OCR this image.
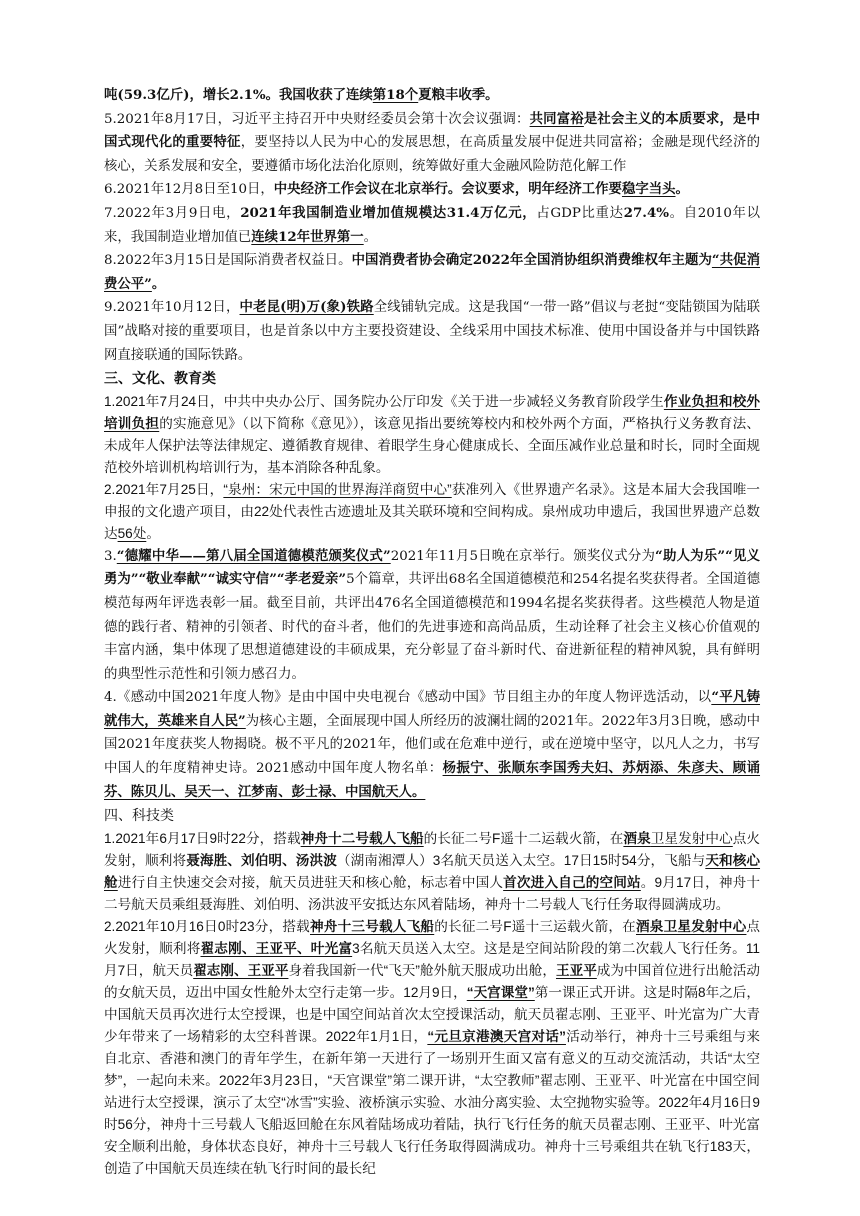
吨(59.3亿斤)，增长2.1%。我国收获了连续第18个夏粮丰收季。

5.2021年8月17日，习近平主持召开中央财经委员会第十次会议强调：共同富裕是社会主义的本质要求，是中国式现代化的重要特征，要坚持以人民为中心的发展思想，在高质量发展中促进共同富裕；金融是现代经济的核心，关系发展和安全，要遵循市场化法治化原则，统筹做好重大金融风险防范化解工作

6.2021年12月8日至10日，中央经济工作会议在北京举行。会议要求，明年经济工作要稳字当头。

7.2022年3月9日电，2021年我国制造业增加值规模达31.4万亿元，占GDP比重达27.4%。自2010年以来，我国制造业增加值已连续12年世界第一。

8.2022年3月15日是国际消费者权益日。中国消费者协会确定2022年全国消协组织消费维权年主题为“共促消费公平”。

9.2021年10月12日，中老昆(明)万(象)铁路全线铺轨完成。这是我国“一带一路”倡议与老挝“变陆锁国为陆联国”战略对接的重要项目，也是首条以中方主要投资建设、全线采用中国技术标准、使用中国设备并与中国铁路网直接联通的国际铁路。

三、文化、教育类

1.2021年7月24日，中共中央办公厅、国务院办公厅印发《关于进一步减轻义务教育阶段学生作业负担和校外培训负担的实施意见》（以下简称《意见》），该意见指出要统筹校内和校外两个方面，严格执行义务教育法、未成年人保护法等法律规定、遵循教育规律、着眼学生身心健康成长、全面压减作业总量和时长，同时全面规范校外培训机构培训行为，基本消除各种乱象。

2.2021年7月25日，“泉州：宋元中国的世界海洋商贸中心”获准列入《世界遗产名录》。这是本届大会我国唯一申报的文化遗产项目，由22处代表性古迹遗址及其关联环境和空间构成。泉州成功申遗后，我国世界遗产总数达56处。

3.“德耀中华——第八届全国道德模范颁奖仪式”2021年11月5日晚在京举行。颁奖仪式分为“助人为乐”“见义勇为”“敬业奉献”“诚实守信”“孝老爱亲”5个篇章，共评出68名全国道德模范和254名提名奖获得者。全国道德模范每两年评选表彰一届。截至目前，共评出476名全国道德模范和1994名提名奖获得者。这些模范人物是道德的践行者、精神的引领者、时代的奋斗者，他们的先进事迹和高尚品质，生动诠释了社会主义核心价值观的丰富内涵，集中体现了思想道德建设的丰硕成果，充分彰显了奋斗新时代、奋进新征程的精神风貌，具有鲜明的典型性示范性和引领力感召力。

4.《感动中国2021年度人物》是由中国中央电视台《感动中国》节目组主办的年度人物评选活动，以“平凡铸就伟大，英雄来自人民”为核心主题，全面展现中国人所经历的波澜壮阔的2021年。2022年3月3日晚，感动中国2021年度获奖人物揭晓。极不平凡的2021年，他们或在危难中逆行，或在逆境中坚守，以凡人之力，书写中国人的年度精神史诗。2021感动中国年度人物名单：杨振宁、张顺东李国秀夫妇、苏炳添、朱彦夫、顾诵芬、陈贝儿、吴天一、江梦南、彭士禄、中国航天人。

四、科技类

1.2021年6月17日9时22分，搭载神舟十二号载人飞船的长征二号F遥十二运载火箭，在酒泉卫星发射中心点火发射，顺利将聂海胜、刘伯明、汤洪波（湖南湘潭人）3名航天员送入太空。17日15时54分，飞船与天和核心舱进行自主快速交会对接，航天员进驻天和核心舱，标志着中国人首次进入自己的空间站。9月17日，神舟十二号航天员乘组聂海胜、刘伯明、汤洪波平安抵达东风着陆场，神舟十二号载人飞行任务取得圆满成功。

2.2021年10月16日0时23分，搭载神舟十三号载人飞船的长征二号F遥十三运载火箭，在酒泉卫星发射中心点火发射，顺利将翟志刚、王亚平、叶光富3名航天员送入太空。这是是空间站阶段的第二次载人飞行任务。11月7日，航天员翟志刚、王亚平身着我国新一代“飞天”舱外航天服成功出舱，王亚平成为中国首位进行出舱活动的女航天员，迈出中国女性舱外太空行走第一步。12月9日，“天宫课堂”第一课正式开讲。这是时隔8年之后，中国航天员再次进行太空授课，也是中国空间站首次太空授课活动，航天员翟志刚、王亚平、叶光富为广大青少年带来了一场精彩的太空科普课。2022年1月1日，“元旦京港澳天宫对话”活动举行，神舟十三号乘组与来自北京、香港和澳门的青年学生，在新年第一天进行了一场别开生面又富有意义的互动交流活动，共话“太空梦”，一起向未来。2022年3月23日，“天宫课堂”第二课开讲，“太空教师”翟志刚、王亚平、叶光富在中国空间站进行太空授课，演示了太空“冰雪”实验、液桥演示实验、水油分离实验、太空抛物实验等。2022年4月16日9时56分，神舟十三号载人飞船返回舱在东风着陆场成功着陆，执行飞行任务的航天员翟志刚、王亚平、叶光富安全顺利出舱，身体状态良好，神舟十三号载人飞行任务取得圆满成功。神舟十三号乘组共在轨飞行183天，创造了中国航天员连续在轨飞行时间的最长纪
